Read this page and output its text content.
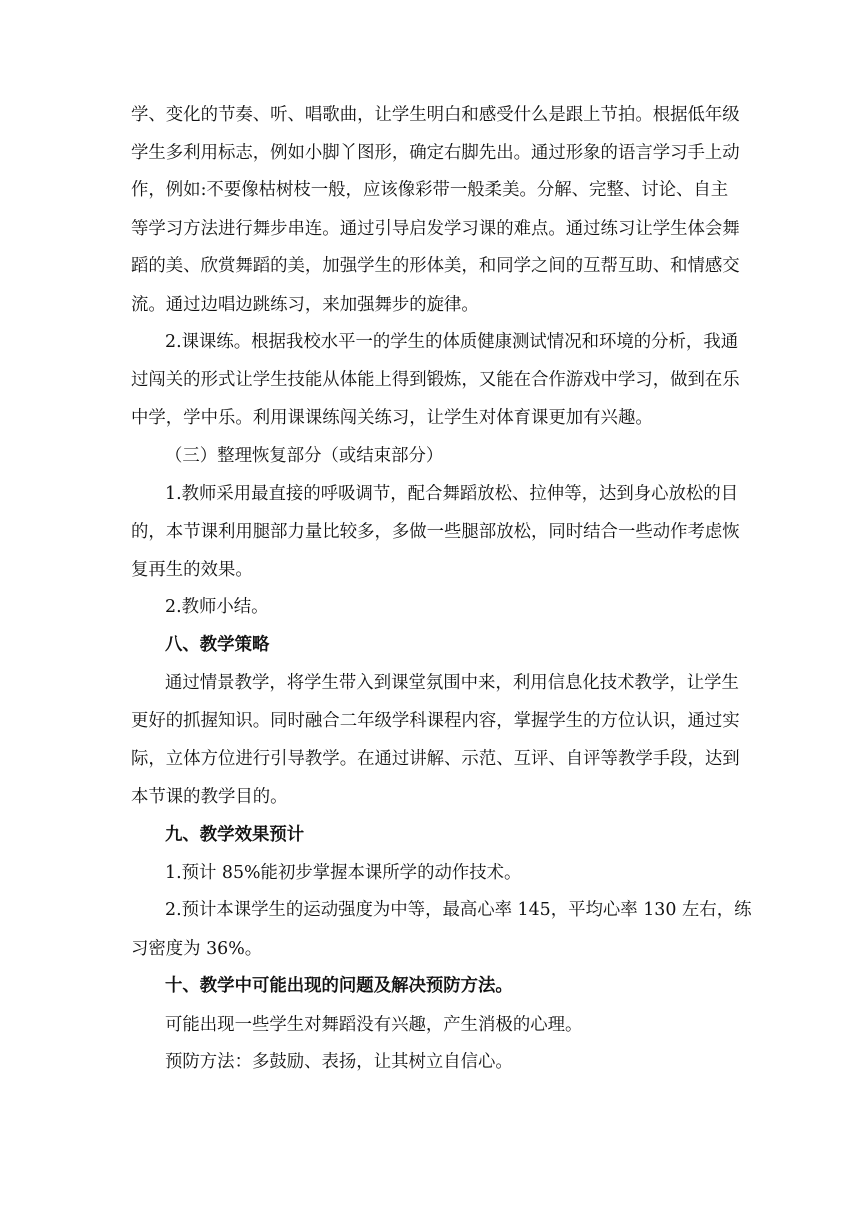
学、变化的节奏、听、唱歌曲，让学生明白和感受什么是跟上节拍。根据低年级
学生多利用标志，例如小脚丫图形，确定右脚先出。通过形象的语言学习手上动
作，例如:不要像枯树枝一般，应该像彩带一般柔美。分解、完整、讨论、自主
等学习方法进行舞步串连。通过引导启发学习课的难点。通过练习让学生体会舞
蹈的美、欣赏舞蹈的美，加强学生的形体美，和同学之间的互帮互助、和情感交
流。通过边唱边跳练习，来加强舞步的旋律。
2.课课练。根据我校水平一的学生的体质健康测试情况和环境的分析，我通
过闯关的形式让学生技能从体能上得到锻炼，又能在合作游戏中学习，做到在乐
中学，学中乐。利用课课练闯关练习，让学生对体育课更加有兴趣。
（三）整理恢复部分（或结束部分）
1.教师采用最直接的呼吸调节，配合舞蹈放松、拉伸等，达到身心放松的目
的，本节课利用腿部力量比较多，多做一些腿部放松，同时结合一些动作考虑恢
复再生的效果。
2.教师小结。
八、教学策略
通过情景教学，将学生带入到课堂氛围中来，利用信息化技术教学，让学生
更好的抓握知识。同时融合二年级学科课程内容，掌握学生的方位认识，通过实
际，立体方位进行引导教学。在通过讲解、示范、互评、自评等教学手段，达到
本节课的教学目的。
九、教学效果预计
1.预计 85%能初步掌握本课所学的动作技术。
2.预计本课学生的运动强度为中等，最高心率 145，平均心率 130 左右，练
习密度为 36%。
十、教学中可能出现的问题及解决预防方法。
可能出现一些学生对舞蹈没有兴趣，产生消极的心理。
预防方法：多鼓励、表扬，让其树立自信心。
